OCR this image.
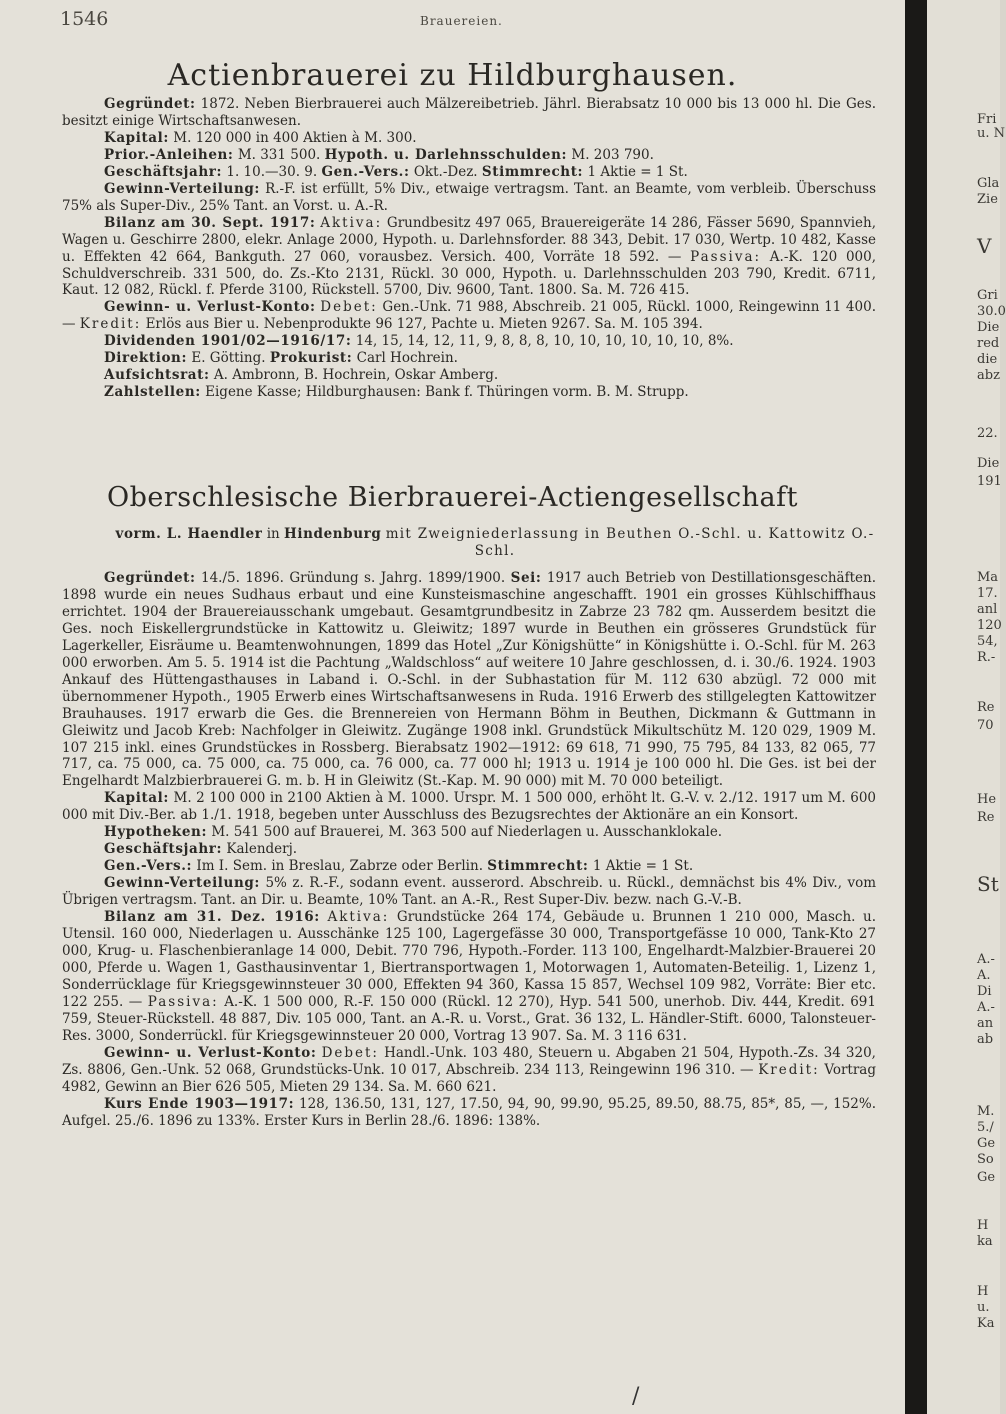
1546	Brauereien.
Actienbrauerei zu Hildburghausen.

Gegründet: 1872. Neben Bierbrauerei auch Mälzereibetrieb. Jährl. Bierabsatz 10 000 bis 13 000 hl. Die Ges. besitzt einige Wirtschaftsanwesen.

Kapital: M. 120 000 in 400 Aktien à M. 300.

Prior.-Anleihen: M. 331 500. Hypoth. u. Darlehnsschulden: M. 203 790.

Geschäftsjahr: 1. 10.—30. 9. Gen.-Vers.: Okt.-Dez. Stimmrecht: 1 Aktie = 1 St.

Gewinn-Verteilung: R.-F. ist erfüllt, 5% Div., etwaige vertragsm. Tant. an Beamte, vom verbleib. Überschuss 75% als Super-Div., 25% Tant. an Vorst. u. A.-R.

Bilanz am 30. Sept. 1917: Aktiva: Grundbesitz 497 065, Brauereigeräte 14 286, Fässer 5690, Spannvieh, Wagen u. Geschirre 2800, elekr. Anlage 2000, Hypoth. u. Darlehnsforder. 88 343, Debit. 17 030, Wertp. 10 482, Kasse u. Effekten 42 664, Bankguth. 27 060, vorausbez. Versich. 400, Vorräte 18 592. — Passiva: A.-K. 120 000, Schuldverschreib. 331 500, do. Zs.-Kto 2131, Rückl. 30 000, Hypoth. u. Darlehnsschulden 203 790, Kredit. 6711, Kaut. 12 082, Rückl. f. Pferde 3100, Rückstell. 5700, Div. 9600, Tant. 1800. Sa. M. 726 415.

Gewinn- u. Verlust-Konto: Debet: Gen.-Unk. 71 988, Abschreib. 21 005, Rückl. 1000, Reingewinn 11 400. — Kredit: Erlös aus Bier u. Nebenprodukte 96 127, Pachte u. Mieten 9267. Sa. M. 105 394.

Dividenden 1901/02—1916/17: 14, 15, 14, 12, 11, 9, 8, 8, 8, 10, 10, 10, 10, 10, 10, 8%.

Direktion: E. Götting. Prokurist: Carl Hochrein.

Aufsichtsrat: A. Ambronn, B. Hochrein, Oskar Amberg.

Zahlstellen: Eigene Kasse; Hildburghausen: Bank f. Thüringen vorm. B. M. Strupp.

Oberschlesische Bierbrauerei-Actiengesellschaft
vorm. L. Haendler in Hindenburg mit Zweigniederlassung in Beuthen O.-Schl. u. Kattowitz O.-Schl.

Gegründet: 14./5. 1896. Gründung s. Jahrg. 1899/1900. Sei: 1917 auch Betrieb von Destillationsgeschäften. 1898 wurde ein neues Sudhaus erbaut und eine Kunsteismaschine angeschafft. 1901 ein grosses Kühlschiffhaus errichtet. 1904 der Brauereiausschank umgebaut. Gesamtgrundbesitz in Zabrze 23 782 qm. Ausserdem besitzt die Ges. noch Eiskellergrundstücke in Kattowitz u. Gleiwitz; 1897 wurde in Beuthen ein grösseres Grundstück für Lagerkeller, Eisräume u. Beamtenwohnungen, 1899 das Hotel „Zur Königshütte“ in Königshütte i. O.-Schl. für M. 263 000 erworben. Am 5. 5. 1914 ist die Pachtung „Waldschloss“ auf weitere 10 Jahre geschlossen, d. i. 30./6. 1924. 1903 Ankauf des Hüttengasthauses in Laband i. O.-Schl. in der Subhastation für M. 112 630 abzügl. 72 000 mit übernommener Hypoth., 1905 Erwerb eines Wirtschaftsanwesens in Ruda. 1916 Erwerb des stillgelegten Kattowitzer Brauhauses. 1917 erwarb die Ges. die Brennereien von Hermann Böhm in Beuthen, Dickmann & Guttmann in Gleiwitz und Jacob Kreb: Nachfolger in Gleiwitz. Zugänge 1908 inkl. Grundstück Mikultschütz M. 120 029, 1909 M. 107 215 inkl. eines Grundstückes in Rossberg. Bierabsatz 1902—1912: 69 618, 71 990, 75 795, 84 133, 82 065, 77 717, ca. 75 000, ca. 75 000, ca. 75 000, ca. 76 000, ca. 77 000 hl; 1913 u. 1914 je 100 000 hl. Die Ges. ist bei der Engelhardt Malzbierbrauerei G. m. b. H in Gleiwitz (St.-Kap. M. 90 000) mit M. 70 000 beteiligt.

Kapital: M. 2 100 000 in 2100 Aktien à M. 1000. Urspr. M. 1 500 000, erhöht lt. G.-V. v. 2./12. 1917 um M. 600 000 mit Div.-Ber. ab 1./1. 1918, begeben unter Ausschluss des Bezugsrechtes der Aktionäre an ein Konsort.

Hypotheken: M. 541 500 auf Brauerei, M. 363 500 auf Niederlagen u. Ausschanklokale.

Geschäftsjahr: Kalenderj.

Gen.-Vers.: Im I. Sem. in Breslau, Zabrze oder Berlin. Stimmrecht: 1 Aktie = 1 St.

Gewinn-Verteilung: 5% z. R.-F., sodann event. ausserord. Abschreib. u. Rückl., demnächst bis 4% Div., vom Übrigen vertragsm. Tant. an Dir. u. Beamte, 10% Tant. an A.-R., Rest Super-Div. bezw. nach G.-V.-B.

Bilanz am 31. Dez. 1916: Aktiva: Grundstücke 264 174, Gebäude u. Brunnen 1 210 000, Masch. u. Utensil. 160 000, Niederlagen u. Ausschänke 125 100, Lagergefässe 30 000, Transportgefässe 10 000, Tank-Kto 27 000, Krug- u. Flaschenbieranlage 14 000, Debit. 770 796, Hypoth.-Forder. 113 100, Engelhardt-Malzbier-Brauerei 20 000, Pferde u. Wagen 1, Gasthausinventar 1, Biertransportwagen 1, Motorwagen 1, Automaten-Beteilig. 1, Lizenz 1, Sonderrücklage für Kriegsgewinnsteuer 30 000, Effekten 94 360, Kassa 15 857, Wechsel 109 982, Vorräte: Bier etc. 122 255. — Passiva: A.-K. 1 500 000, R.-F. 150 000 (Rückl. 12 270), Hyp. 541 500, unerhob. Div. 444, Kredit. 691 759, Steuer-Rückstell. 48 887, Div. 105 000, Tant. an A.-R. u. Vorst., Grat. 36 132, L. Händler-Stift. 6000, Talonsteuer-Res. 3000, Sonderrückl. für Kriegsgewinnsteuer 20 000, Vortrag 13 907. Sa. M. 3 116 631.

Gewinn- u. Verlust-Konto: Debet: Handl.-Unk. 103 480, Steuern u. Abgaben 21 504, Hypoth.-Zs. 34 320, Zs. 8806, Gen.-Unk. 52 068, Grundstücks-Unk. 10 017, Abschreib. 234 113, Reingewinn 196 310. — Kredit: Vortrag 4982, Gewinn an Bier 626 505, Mieten 29 134. Sa. M. 660 621.

Kurs Ende 1903—1917: 128, 136.50, 131, 127, 17.50, 94, 90, 99.90, 95.25, 89.50, 88.75, 85*, 85, —, 152%. Aufgel. 25./6. 1896 zu 133%. Erster Kurs in Berlin 28./6. 1896: 138%.

/
Fri
u. N
Gla
Zie
V
Gri
30.0
Die
red
die
abz
22.
Die
191
Ma
17.
anl
120
54,
R.-
Re
70
He
Re
St
A.-
A.
Di
A.-
an
ab
M.
5./
Ge
So
Ge
H
ka
H
u.
Ka
